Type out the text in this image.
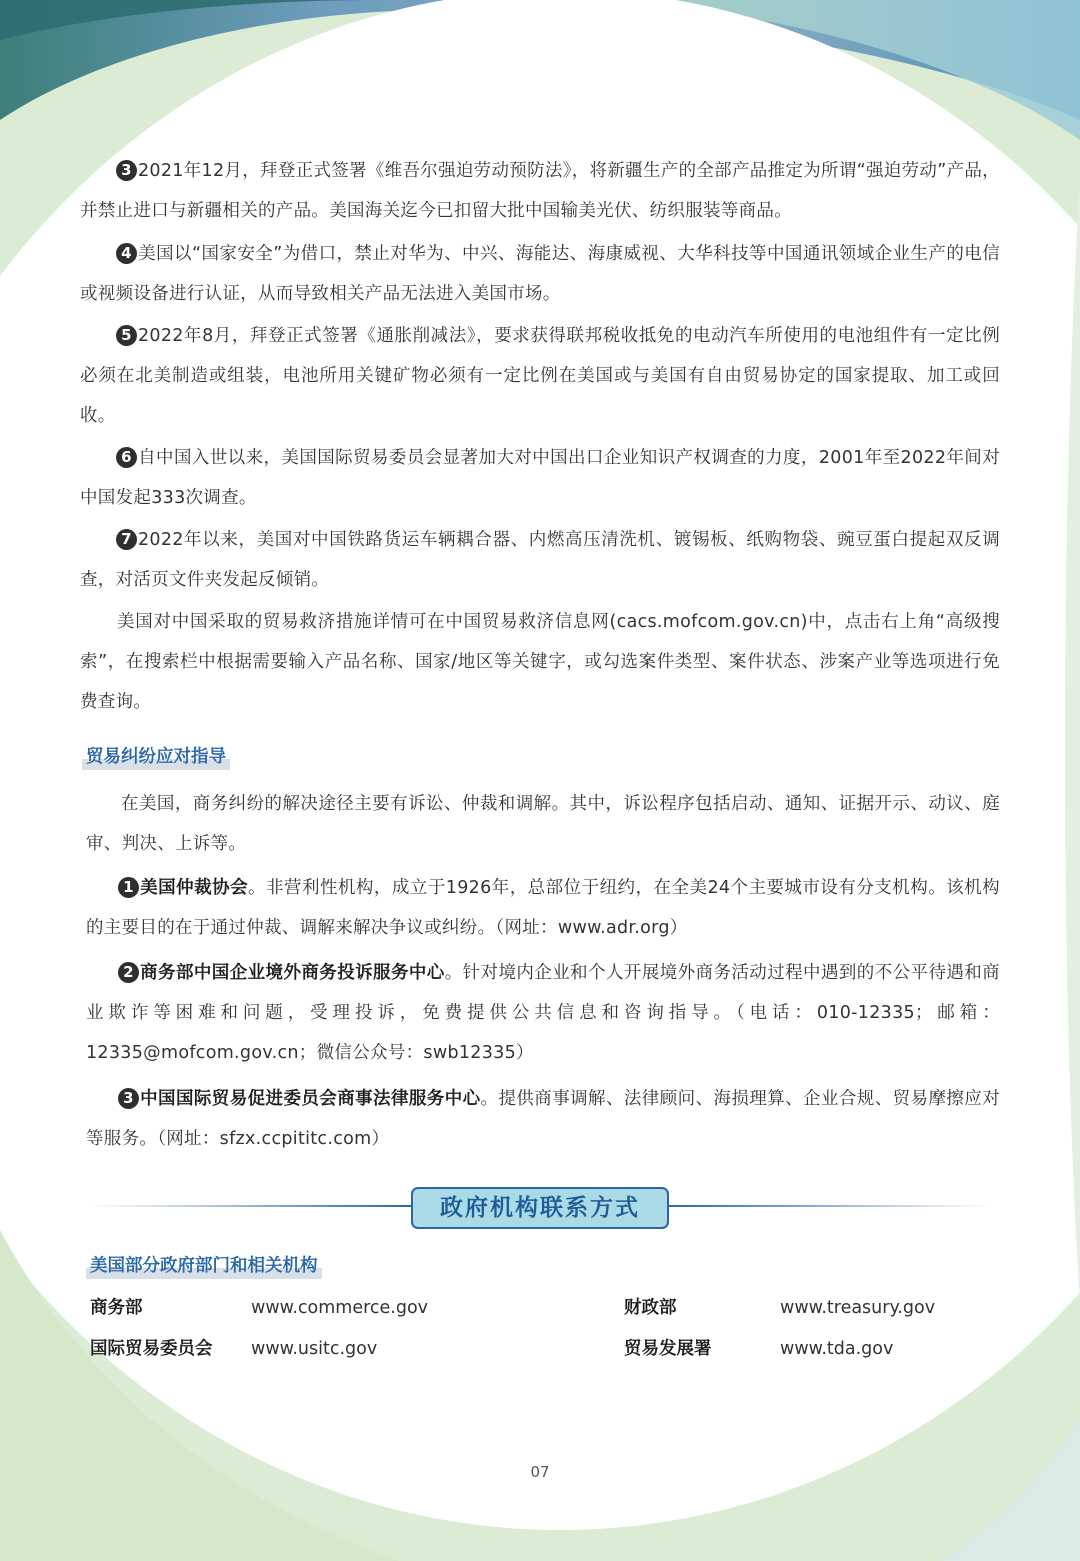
3 2021年12月，拜登正式签署《维吾尔强迫劳动预防法》，将新疆生产的全部产品推定为所谓“强迫劳动”产品，并禁止进口与新疆相关的产品。美国海关迄今已扣留大批中国输美光伏、纺织服装等商品。

4 美国以“国家安全”为借口，禁止对华为、中兴、海能达、海康威视、大华科技等中国通讯领域企业生产的电信或视频设备进行认证，从而导致相关产品无法进入美国市场。

5 2022年8月，拜登正式签署《通胀削减法》，要求获得联邦税收抵免的电动汽车所使用的电池组件有一定比例必须在北美制造或组装，电池所用关键矿物必须有一定比例在美国或与美国有自由贸易协定的国家提取、加工或回收。

6 自中国入世以来，美国国际贸易委员会显著加大对中国出口企业知识产权调查的力度，2001年至2022年间对中国发起333次调查。

7 2022年以来，美国对中国铁路货运车辆耦合器、内燃高压清洗机、镀锡板、纸购物袋、豌豆蛋白提起双反调查，对活页文件夹发起反倾销。

美国对中国采取的贸易救济措施详情可在中国贸易救济信息网(cacs.mofcom.gov.cn)中，点击右上角“高级搜索”，在搜索栏中根据需要输入产品名称、国家/地区等关键字，或勾选案件类型、案件状态、涉案产业等选项进行免费查询。

贸易纠纷应对指导

在美国，商务纠纷的解决途径主要有诉讼、仲裁和调解。其中，诉讼程序包括启动、通知、证据开示、动议、庭审、判决、上诉等。

1 美国仲裁协会。非营利性机构，成立于1926年，总部位于纽约，在全美24个主要城市设有分支机构。该机构的主要目的在于通过仲裁、调解来解决争议或纠纷。（网址：www.adr.org）

2 商务部中国企业境外商务投诉服务中心。针对境内企业和个人开展境外商务活动过程中遇到的不公平待遇和商业欺诈等困难和问题，受理投诉，免费提供公共信息和咨询指导。（电话：010-12335；邮箱：12335@mofcom.gov.cn；微信公众号：swb12335）

3 中国国际贸易促进委员会商事法律服务中心。提供商事调解、法律顾问、海损理算、企业合规、贸易摩擦应对等服务。（网址：sfzx.ccpititc.com）

政府机构联系方式
美国部分政府部门和相关机构
商务部	www.commerce.gov	财政部	www.treasury.gov
国际贸易委员会 www.usitc.gov	贸易发展署	www.tda.gov
07
